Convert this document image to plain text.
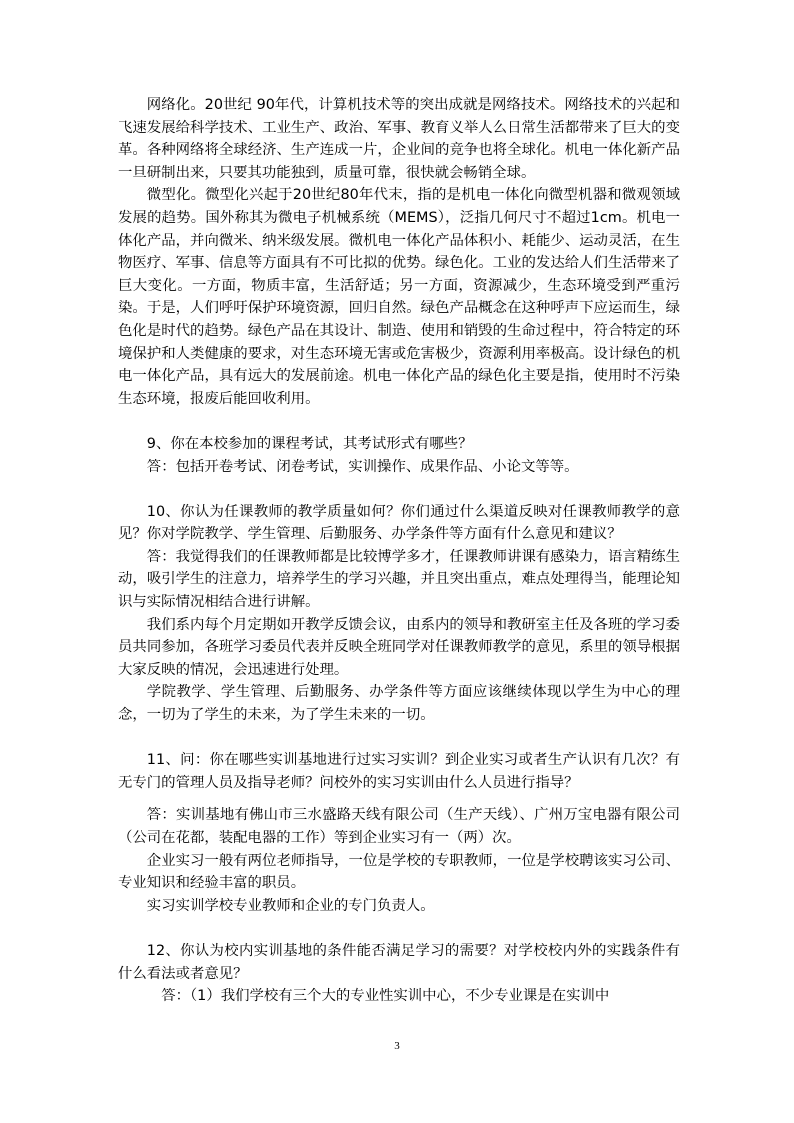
网络化。20世纪 90年代，计算机技术等的突出成就是网络技术。网络技术的兴起和飞速发展给科学技术、工业生产、政治、军事、教育义举人么日常生活都带来了巨大的变革。各种网络将全球经济、生产连成一片，企业间的竞争也将全球化。机电一体化新产品一旦研制出来，只要其功能独到，质量可靠，很快就会畅销全球。

微型化。微型化兴起于20世纪80年代末，指的是机电一体化向微型机器和微观领域发展的趋势。国外称其为微电子机械系统（MEMS），泛指几何尺寸不超过1cm。机电一体化产品，并向微米、纳米级发展。微机电一体化产品体积小、耗能少、运动灵活，在生物医疗、军事、信息等方面具有不可比拟的优势。绿色化。工业的发达给人们生活带来了巨大变化。一方面，物质丰富，生活舒适；另一方面，资源减少，生态环境受到严重污染。于是，人们呼吁保护环境资源，回归自然。绿色产品概念在这种呼声下应运而生，绿色化是时代的趋势。绿色产品在其设计、制造、使用和销毁的生命过程中，符合特定的环境保护和人类健康的要求，对生态环境无害或危害极少，资源利用率极高。设计绿色的机电一体化产品，具有远大的发展前途。机电一体化产品的绿色化主要是指，使用时不污染生态环境，报废后能回收利用。

9、你在本校参加的课程考试，其考试形式有哪些？

答：包括开卷考试、闭卷考试，实训操作、成果作品、小论文等等。

10、你认为任课教师的教学质量如何？你们通过什么渠道反映对任课教师教学的意见？你对学院教学、学生管理、后勤服务、办学条件等方面有什么意见和建议？

答：我觉得我们的任课教师都是比较博学多才，任课教师讲课有感染力，语言精练生动，吸引学生的注意力，培养学生的学习兴趣，并且突出重点，难点处理得当，能理论知识与实际情况相结合进行讲解。

我们系内每个月定期如开教学反馈会议，由系内的领导和教研室主任及各班的学习委员共同参加，各班学习委员代表并反映全班同学对任课教师教学的意见，系里的领导根据大家反映的情况，会迅速进行处理。

学院教学、学生管理、后勤服务、办学条件等方面应该继续体现以学生为中心的理念，一切为了学生的未来，为了学生未来的一切。

11、问：你在哪些实训基地进行过实习实训？到企业实习或者生产认识有几次？有无专门的管理人员及指导老师？问校外的实习实训由什么人员进行指导？

答：实训基地有佛山市三水盛路天线有限公司（生产天线）、广州万宝电器有限公司（公司在花都，装配电器的工作）等到企业实习有一（两）次。

企业实习一般有两位老师指导，一位是学校的专职教师，一位是学校聘该实习公司、专业知识和经验丰富的职员。

实习实训学校专业教师和企业的专门负责人。

12、你认为校内实训基地的条件能否满足学习的需要？对学校校内外的实践条件有什么看法或者意见？

答：（1）我们学校有三个大的专业性实训中心，不少专业课是在实训中

3
